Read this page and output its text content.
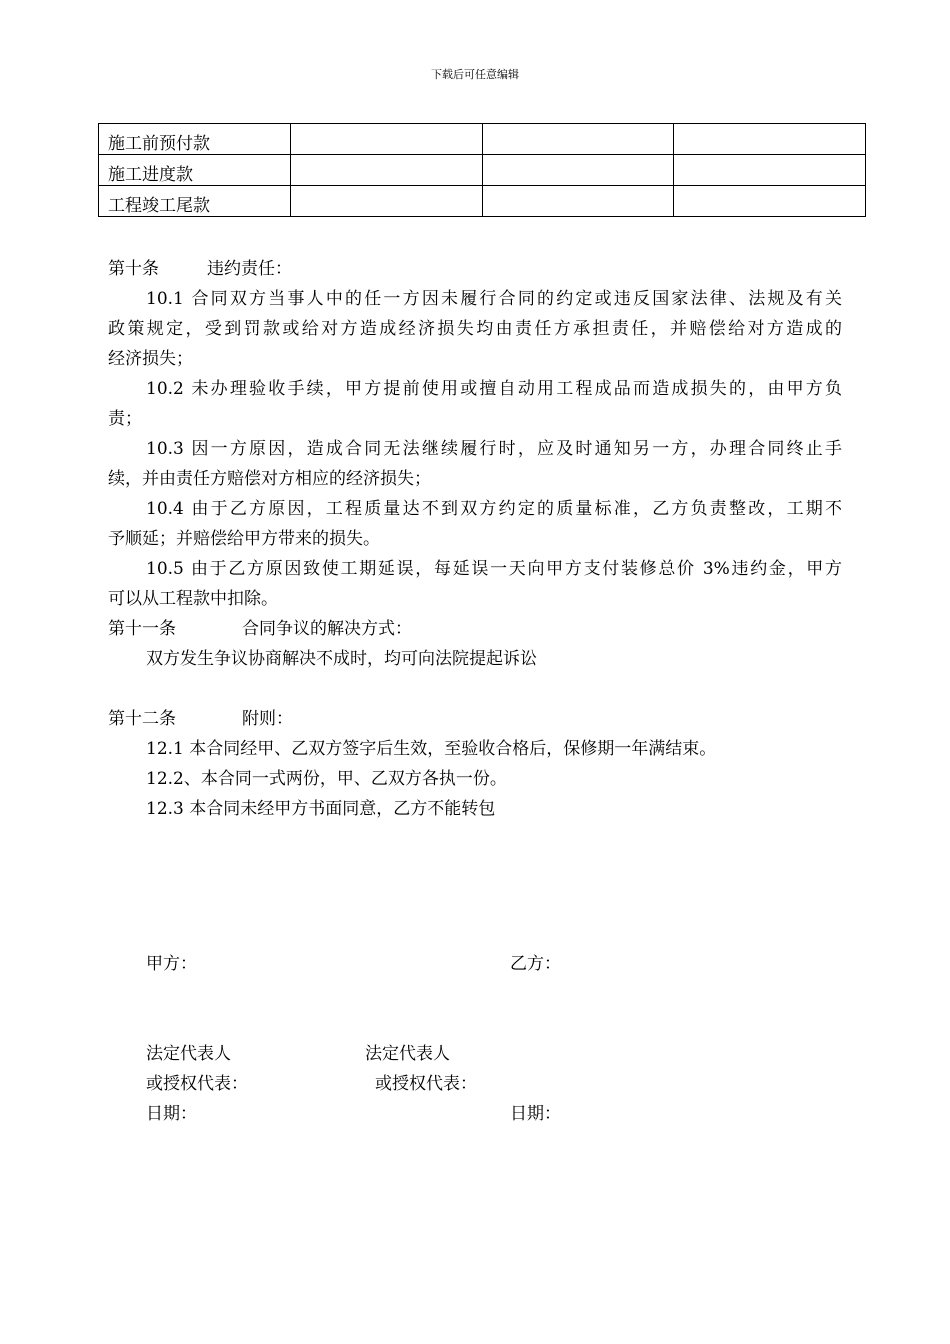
下载后可任意编辑
施工前预付款			
施工进度款			
工程竣工尾款			
第十条	违约责任：
10.1 合同双方当事人中的任一方因未履行合同的约定或违反国家法律、法规及有关
政策规定，受到罚款或给对方造成经济损失均由责任方承担责任，并赔偿给对方造成的
经济损失；
10.2 未办理验收手续，甲方提前使用或擅自动用工程成品而造成损失的，由甲方负
责；
10.3 因一方原因，造成合同无法继续履行时，应及时通知另一方，办理合同终止手
续，并由责任方赔偿对方相应的经济损失；
10.4 由于乙方原因，工程质量达不到双方约定的质量标准，乙方负责整改，工期不
予顺延；并赔偿给甲方带来的损失。
10.5 由于乙方原因致使工期延误，每延误一天向甲方支付装修总价 3%违约金，甲方
可以从工程款中扣除。
第十一条	合同争议的解决方式：
双方发生争议协商解决不成时，均可向法院提起诉讼
第十二条	附则：
12.1 本合同经甲、乙双方签字后生效，至验收合格后，保修期一年满结束。
12.2、本合同一式两份，甲、乙双方各执一份。
12.3 本合同未经甲方书面同意，乙方不能转包
甲方：	乙方：
法定代表人	法定代表人
或授权代表：	或授权代表：
日期：	日期：
